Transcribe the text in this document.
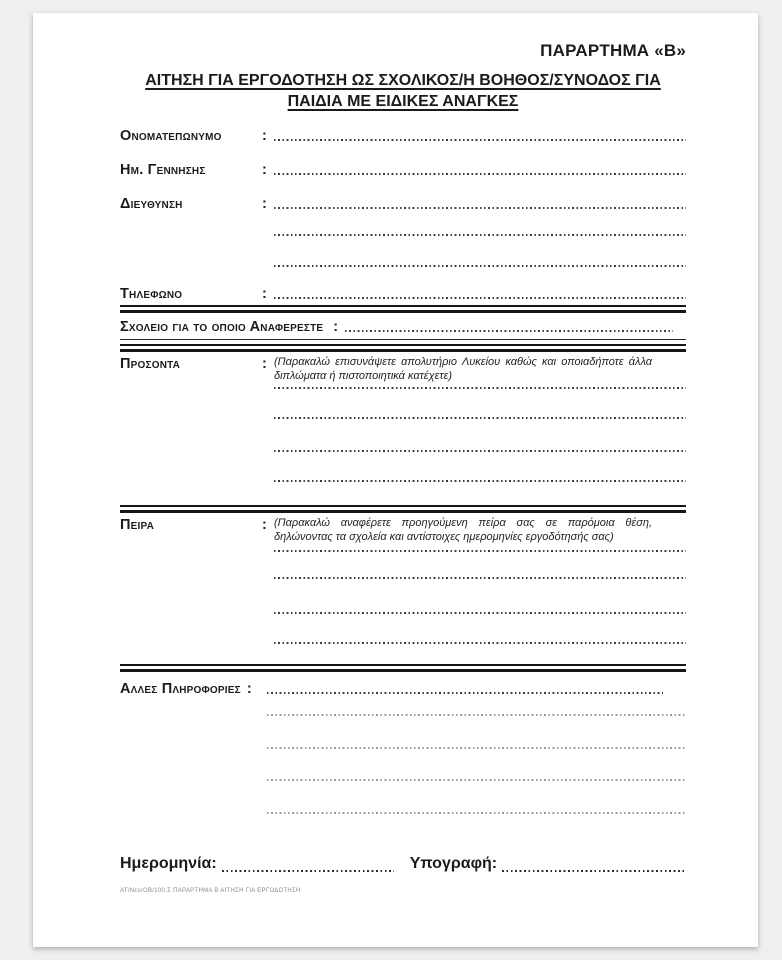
ΠΑΡΑΡΤΗΜΑ «Β»
ΑΙΤΗΣΗ ΓΙΑ ΕΡΓΟΔΟΤΗΣΗ ΩΣ ΣΧΟΛΙΚΟΣ/Η ΒΟΗΘΟΣ/ΣΥΝΟΔΟΣ ΓΙΑ
ΠΑΙΔΙΑ ΜΕ ΕΙΔΙΚΕΣ ΑΝΑΓΚΕΣ
Ονοματεπωνυμο	:
Ημ. Γεννησης	:
Διευθυνση	:
Τηλεφωνο	:
Σχολειο για το οποιο Αναφερεστε :
Προσοντα	: (Παρακαλώ επισυνάψετε απολυτήριο Λυκείου καθώς και οποιαδήποτε άλλα διπλώματα ή πιστοποιητικά κατέχετε)
Πειρα	: (Παρακαλώ αναφέρετε προηγούμενη πείρα σας σε παρόμοια θέση, δηλώνοντας τα σχολεία και αντίστοιχες ημερομηνίες εργοδότησής σας)
Αλλες Πληροφοριες :
Ημερομηνία:	Υπογραφή:
ΑΤ/Νεο/ΟΒ/100.Σ ΠΑΡΑΡΤΗΜΑ Β ΑΙΤΗΣΗ ΓΙΑ ΕΡΓΟΔΟΤΗΣΗ
